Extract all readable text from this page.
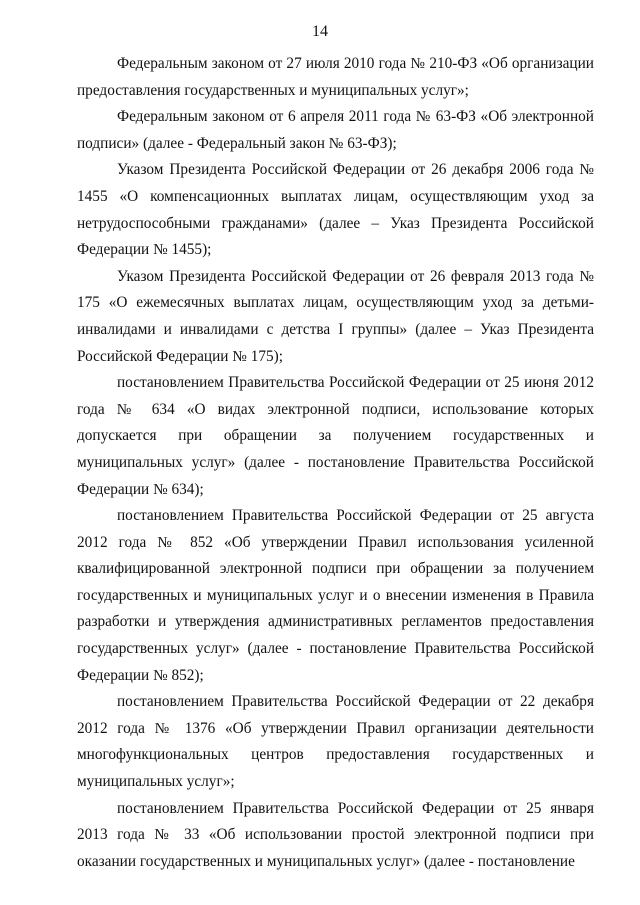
14

Федеральным законом от 27 июля 2010 года № 210-ФЗ «Об организации предоставления государственных и муниципальных услуг»;

Федеральным законом от 6 апреля 2011 года № 63-ФЗ «Об электронной подписи» (далее - Федеральный закон № 63-ФЗ);

Указом Президента Российской Федерации от 26 декабря 2006 года № 1455 «О компенсационных выплатах лицам, осуществляющим уход за нетрудоспособными гражданами» (далее – Указ Президента Российской Федерации № 1455);

Указом Президента Российской Федерации от 26 февраля 2013 года № 175 «О ежемесячных выплатах лицам, осуществляющим уход за детьми-инвалидами и инвалидами с детства I группы» (далее – Указ Президента Российской Федерации № 175);

постановлением Правительства Российской Федерации от 25 июня 2012 года № 634 «О видах электронной подписи, использование которых допускается при обращении за получением государственных и муниципальных услуг» (далее - постановление Правительства Российской Федерации № 634);

постановлением Правительства Российской Федерации от 25 августа 2012 года № 852 «Об утверждении Правил использования усиленной квалифицированной электронной подписи при обращении за получением государственных и муниципальных услуг и о внесении изменения в Правила разработки и утверждения административных регламентов предоставления государственных услуг» (далее - постановление Правительства Российской Федерации № 852);

постановлением Правительства Российской Федерации от 22 декабря 2012 года № 1376 «Об утверждении Правил организации деятельности многофункциональных центров предоставления государственных и муниципальных услуг»;

постановлением Правительства Российской Федерации от 25 января 2013 года № 33 «Об использовании простой электронной подписи при оказании государственных и муниципальных услуг» (далее - постановление
